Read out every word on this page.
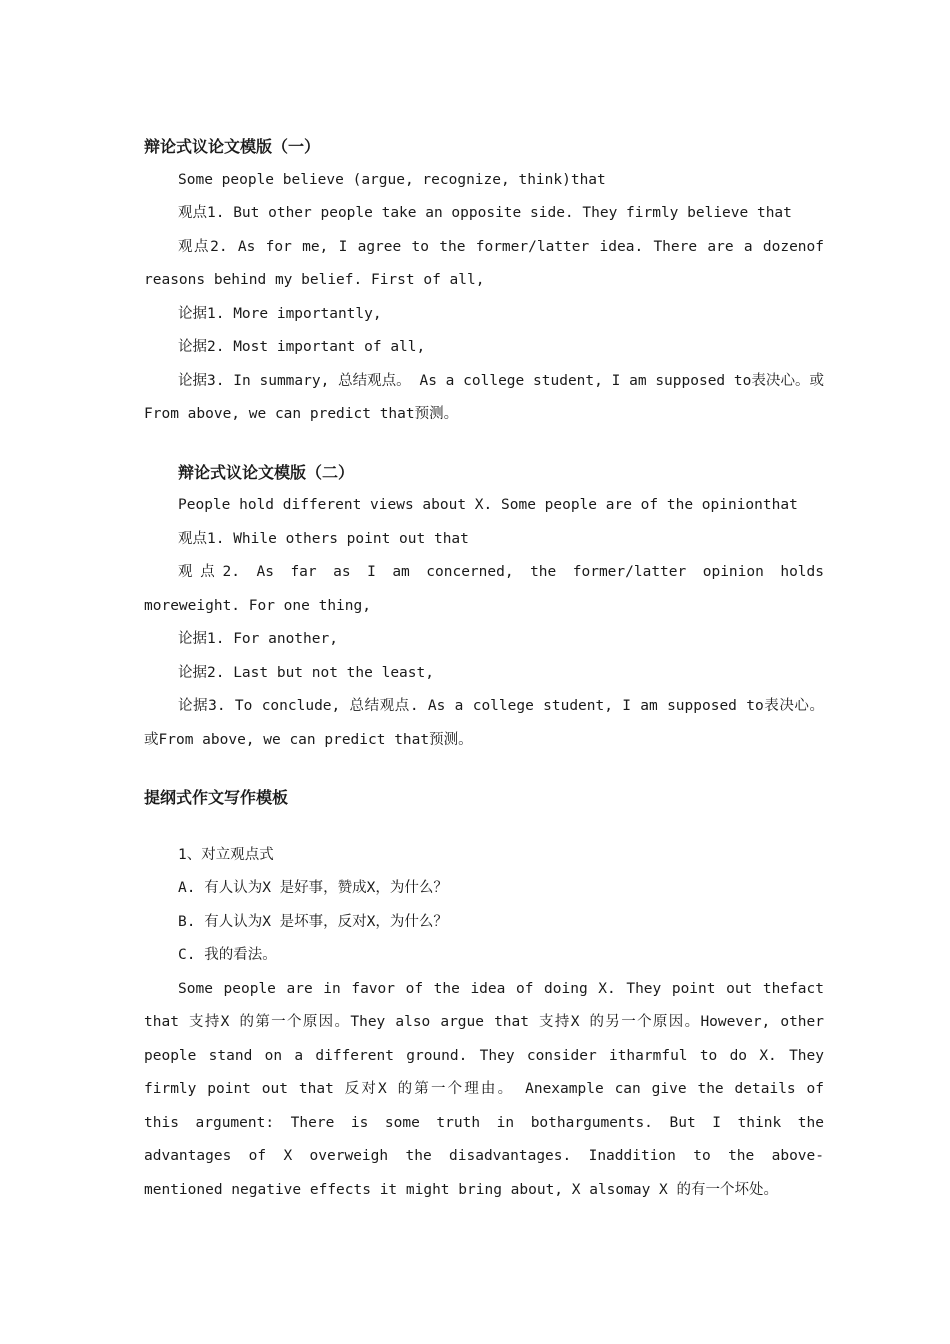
辩论式议论文模版（一）

Some people believe (argue, recognize, think)that

观点1. But other people take an opposite side. They firmly believe that

观点2. As for me, I agree to the former/latter idea. There are a dozenof reasons behind my belief. First of all,

论据1. More importantly,

论据2. Most important of all,

论据3. In summary, 总结观点。 As a college student, I am supposed to表决心。或From above, we can predict that预测。

辩论式议论文模版（二）

People hold different views about X. Some people are of the opinionthat

观点1. While others point out that

观点2. As far as I am concerned, the former/latter opinion holds moreweight. For one thing,

论据1. For another,

论据2. Last but not the least,

论据3. To conclude, 总结观点. As a college student, I am supposed to表决心。或From above, we can predict that预测。

提纲式作文写作模板

1、对立观点式

A. 有人认为X 是好事，赞成X，为什么？

B. 有人认为X 是坏事，反对X，为什么？

C. 我的看法。

Some people are in favor of the idea of doing X. They point out thefact that 支持X 的第一个原因。They also argue that 支持X 的另一个原因。However, other people stand on a different ground. They consider itharmful to do X. They firmly point out that 反对X 的第一个理由。 Anexample can give the details of this argument: There is some truth in botharguments. But I think the advantages of X overweigh the disadvantages. Inaddition to the above-mentioned negative effects it might bring about, X alsomay X 的有一个坏处。
